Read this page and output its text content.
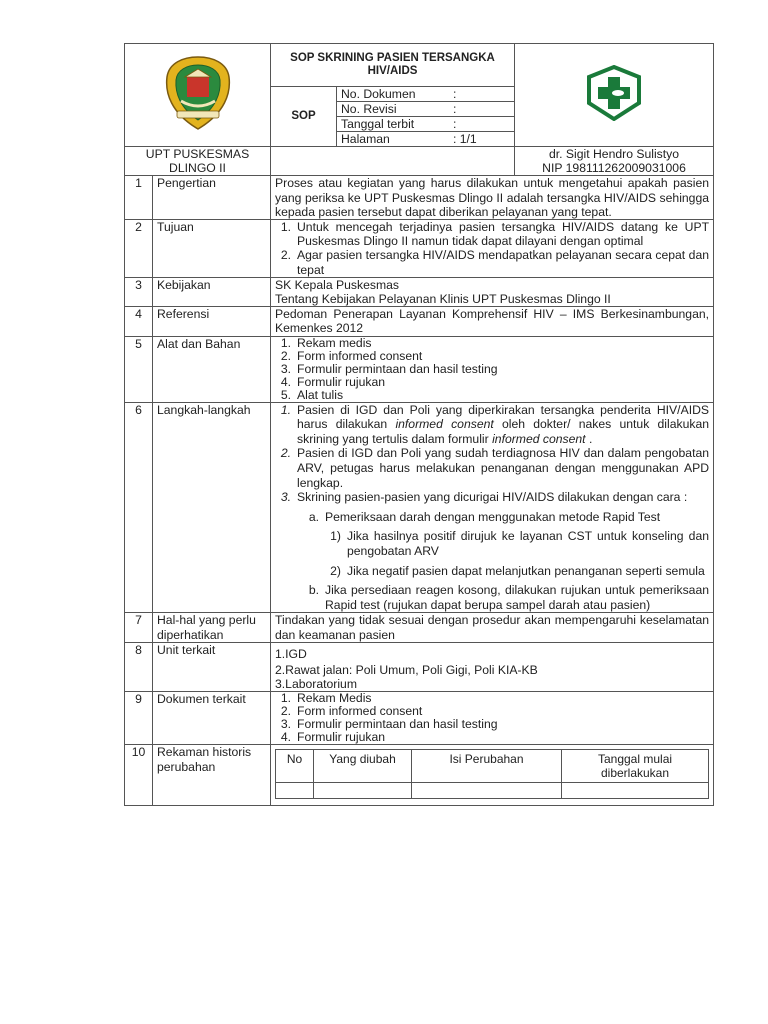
	SOP SKRINING PASIEN TERSANGKA HIV/AIDS	
SOP	
No. Dokumen	:
No. Revisi	:
Tanggal terbit	:
Halaman	: 1/1

UPT PUSKESMAS DLINGO II		
dr. Sigit Hendro Sulistyo
NIP 198111262009031006

1	Pengertian	Proses atau kegiatan yang harus dilakukan untuk mengetahui apakah pasien yang periksa ke UPT Puskesmas Dlingo II adalah tersangka HIV/AIDS sehingga kepada pasien tersebut dapat diberikan pelayanan yang tepat.
2	Tujuan	1. Untuk mencegah terjadinya pasien tersangka HIV/AIDS datang ke UPT Puskesmas Dlingo II namun tidak dapat dilayani dengan optimal
2. Agar pasien tersangka HIV/AIDS mendapatkan pelayanan secara cepat dan tepat

3	Kebijakan	SK Kepala Puskesmas
Tentang Kebijakan Pelayanan Klinis UPT Puskesmas Dlingo II

4	Referensi	Pedoman Penerapan Layanan Komprehensif HIV – IMS Berkesinambungan, Kemenkes 2012
5	Alat dan Bahan	1. Rekam medis
2. Form informed consent
3. Formulir permintaan dan hasil testing
4. Formulir rujukan
5. Alat tulis

6	Langkah-langkah	1. Pasien di IGD dan Poli yang diperkirakan tersangka penderita HIV/AIDS harus dilakukan informed consent oleh dokter/ nakes untuk dilakukan skrining yang tertulis dalam formulir informed consent .
2. Pasien di IGD dan Poli yang sudah terdiagnosa HIV dan dalam pengobatan ARV, petugas harus melakukan penanganan dengan menggunakan APD lengkap.
3. Skrining pasien-pasien yang dicurigai HIV/AIDS dilakukan dengan cara :
a. Pemeriksaan darah dengan menggunakan metode Rapid Test
1) Jika hasilnya positif dirujuk ke layanan CST untuk konseling dan pengobatan ARV
2) Jika negatif pasien dapat melanjutkan penanganan seperti semula
b. Jika persediaan reagen kosong, dilakukan rujukan untuk pemeriksaan Rapid test (rujukan dapat berupa sampel darah atau pasien)

7	Hal-hal yang perlu diperhatikan	Tindakan yang tidak sesuai dengan prosedur akan mempengaruhi keselamatan dan keamanan pasien
8	Unit terkait	1.IGD
2.Rawat jalan: Poli Umum, Poli Gigi, Poli KIA-KB
3.Laboratorium

9	Dokumen terkait	1. Rekam Medis
2. Form informed consent
3. Formulir permintaan dan hasil testing
4. Formulir rujukan

10	Rekaman historis perubahan	
No	Yang diubah	Isi Perubahan	Tanggal mulai diberlakukan
